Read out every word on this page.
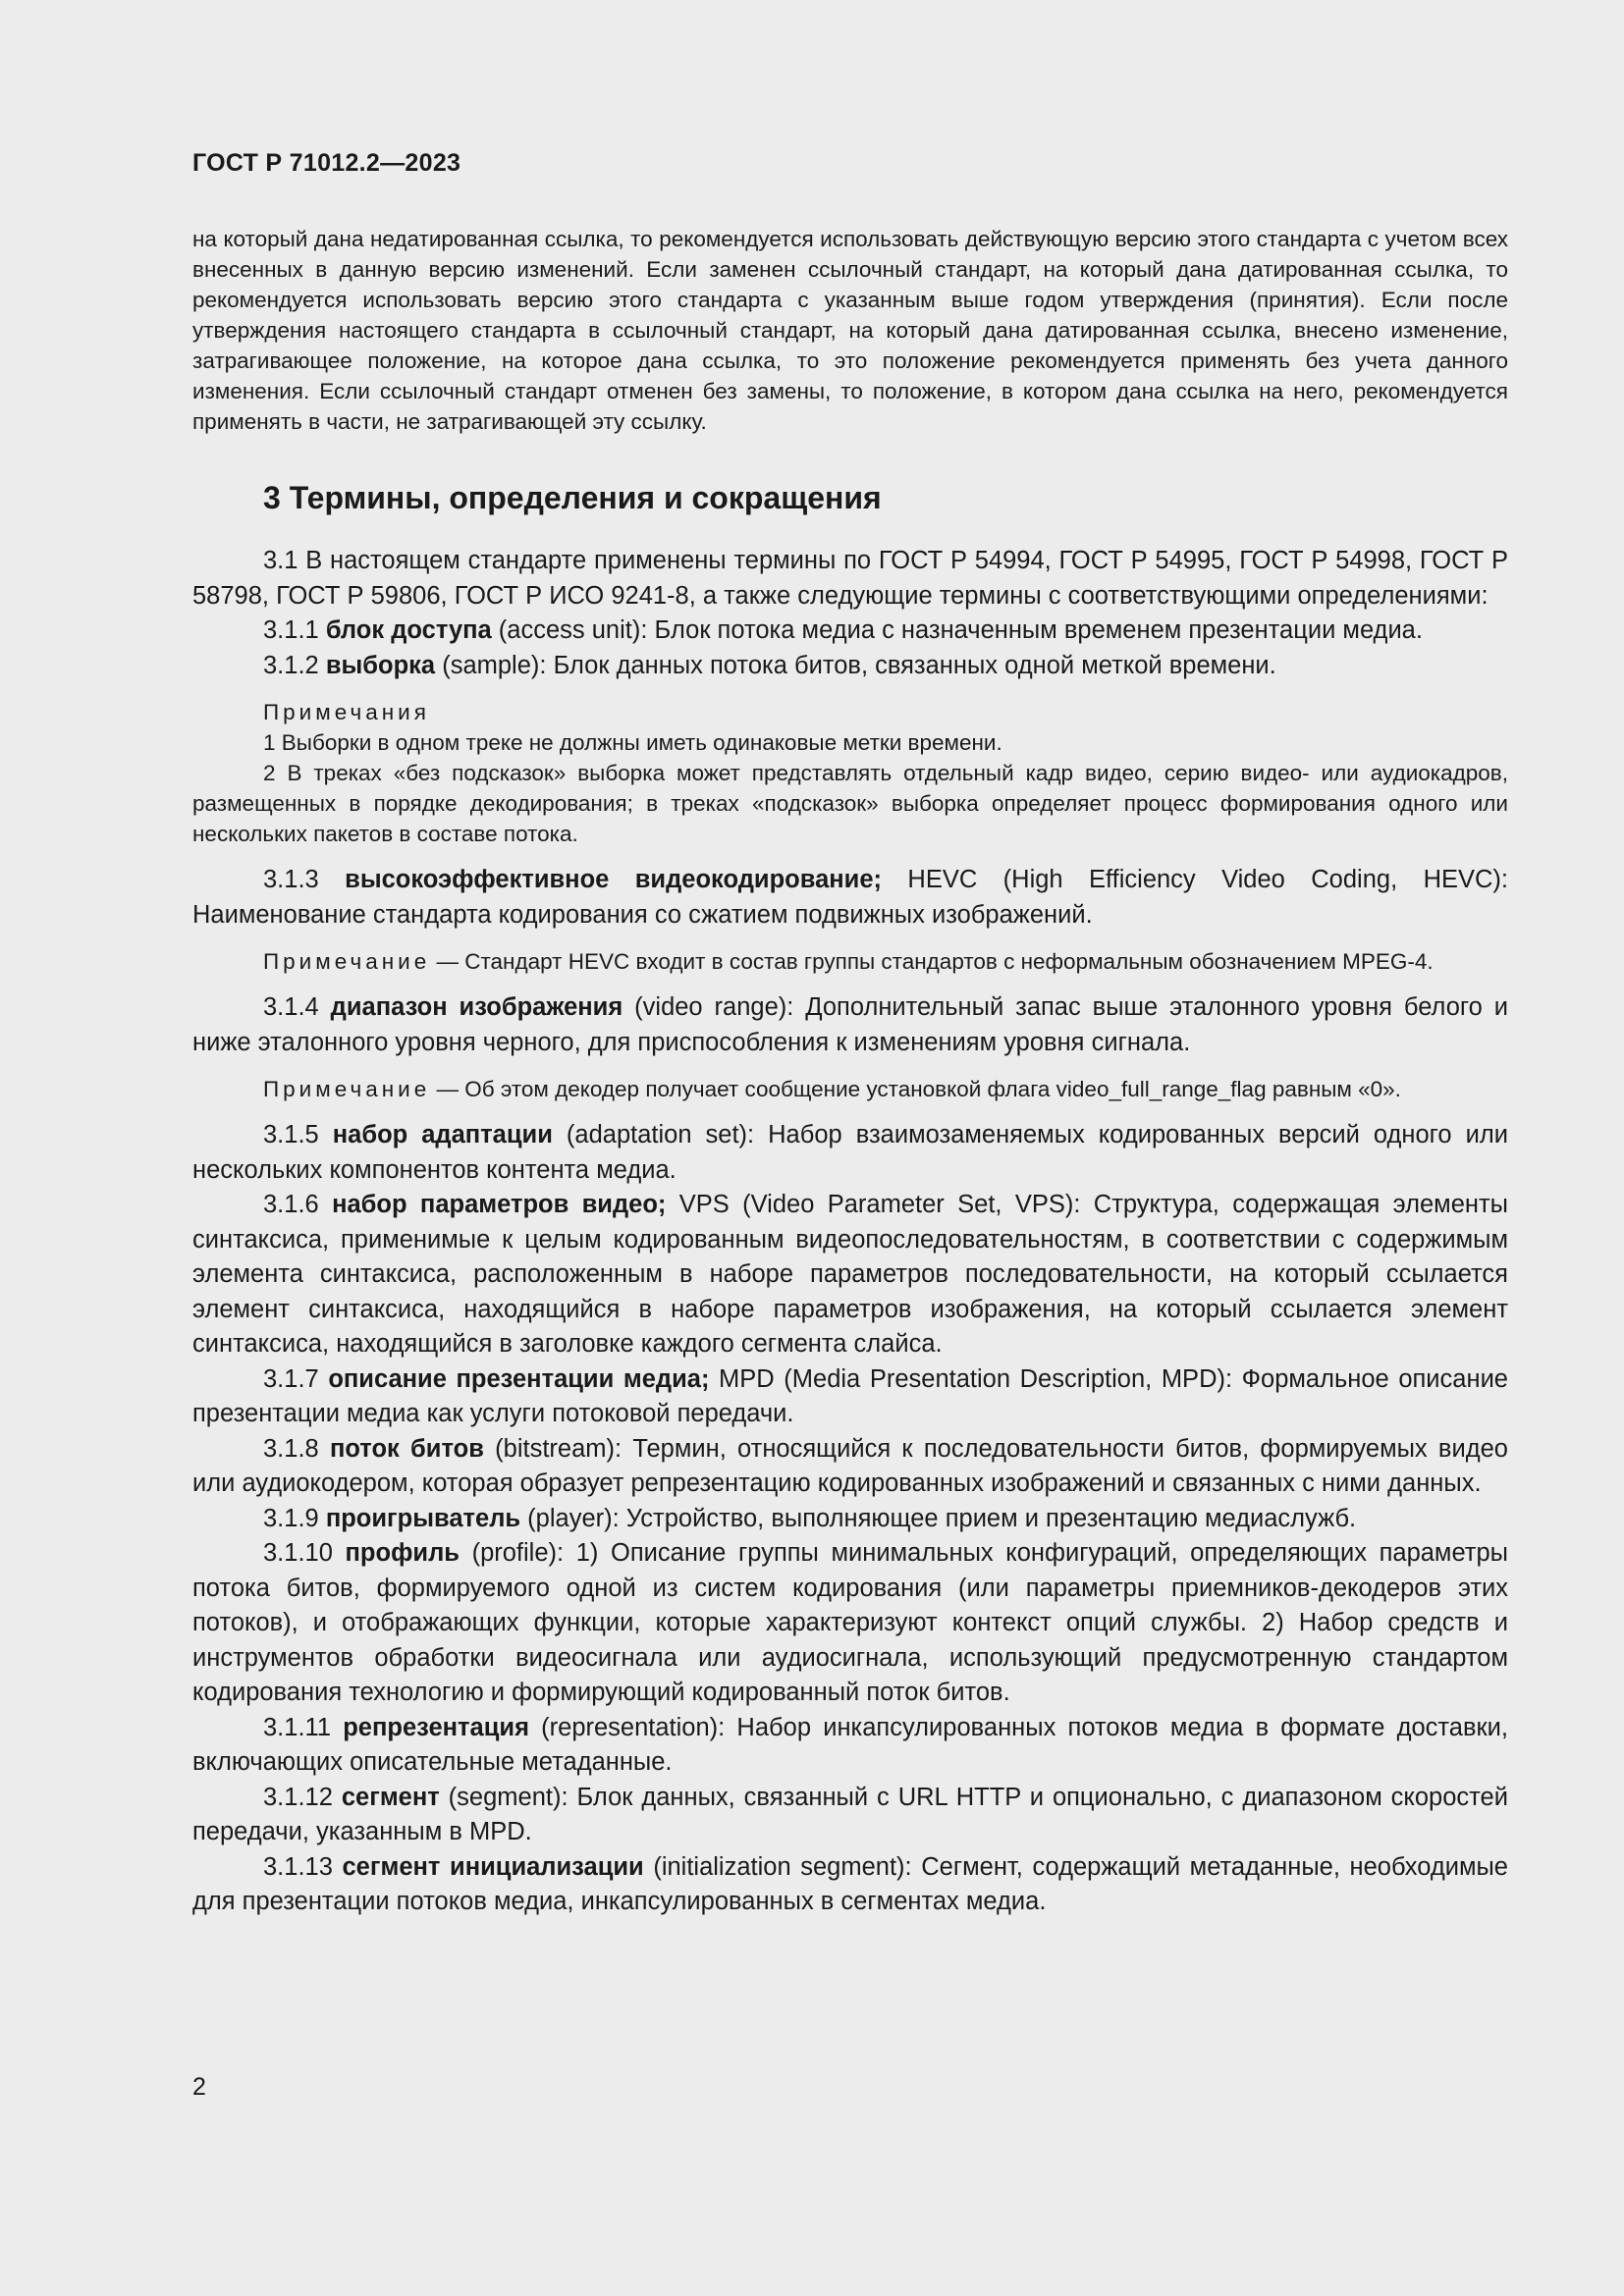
ГОСТ Р 71012.2—2023

на который дана недатированная ссылка, то рекомендуется использовать действующую версию этого стандарта с учетом всех внесенных в данную версию изменений. Если заменен ссылочный стандарт, на который дана датированная ссылка, то рекомендуется использовать версию этого стандарта с указанным выше годом утверждения (принятия). Если после утверждения настоящего стандарта в ссылочный стандарт, на который дана датированная ссылка, внесено изменение, затрагивающее положение, на которое дана ссылка, то это положение рекомендуется применять без учета данного изменения. Если ссылочный стандарт отменен без замены, то положение, в котором дана ссылка на него, рекомендуется применять в части, не затрагивающей эту ссылку.

3 Термины, определения и сокращения

3.1 В настоящем стандарте применены термины по ГОСТ Р 54994, ГОСТ Р 54995, ГОСТ Р 54998, ГОСТ Р 58798, ГОСТ Р 59806, ГОСТ Р ИСО 9241-8, а также следующие термины с соответствующими определениями:

3.1.1 блок доступа (access unit): Блок потока медиа с назначенным временем презентации медиа.

3.1.2 выборка (sample): Блок данных потока битов, связанных одной меткой времени.

Примечания

1 Выборки в одном треке не должны иметь одинаковые метки времени.

2 В треках «без подсказок» выборка может представлять отдельный кадр видео, серию видео- или аудиокадров, размещенных в порядке декодирования; в треках «подсказок» выборка определяет процесс формирования одного или нескольких пакетов в составе потока.

3.1.3 высокоэффективное видеокодирование; HEVC (High Efficiency Video Coding, HEVC): Наименование стандарта кодирования со сжатием подвижных изображений.

Примечание — Стандарт HEVC входит в состав группы стандартов с неформальным обозначением MPEG-4.

3.1.4 диапазон изображения (video range): Дополнительный запас выше эталонного уровня белого и ниже эталонного уровня черного, для приспособления к изменениям уровня сигнала.

Примечание — Об этом декодер получает сообщение установкой флага video_full_range_flag равным «0».

3.1.5 набор адаптации (adaptation set): Набор взаимозаменяемых кодированных версий одного или нескольких компонентов контента медиа.

3.1.6 набор параметров видео; VPS (Video Parameter Set, VPS): Структура, содержащая элементы синтаксиса, применимые к целым кодированным видеопоследовательностям, в соответствии с содержимым элемента синтаксиса, расположенным в наборе параметров последовательности, на который ссылается элемент синтаксиса, находящийся в наборе параметров изображения, на который ссылается элемент синтаксиса, находящийся в заголовке каждого сегмента слайса.

3.1.7 описание презентации медиа; MPD (Media Presentation Description, MPD): Формальное описание презентации медиа как услуги потоковой передачи.

3.1.8 поток битов (bitstream): Термин, относящийся к последовательности битов, формируемых видео или аудиокодером, которая образует репрезентацию кодированных изображений и связанных с ними данных.

3.1.9 проигрыватель (player): Устройство, выполняющее прием и презентацию медиаслужб.

3.1.10 профиль (profile): 1) Описание группы минимальных конфигураций, определяющих параметры потока битов, формируемого одной из систем кодирования (или параметры приемников-декодеров этих потоков), и отображающих функции, которые характеризуют контекст опций службы. 2) Набор средств и инструментов обработки видеосигнала или аудиосигнала, использующий предусмотренную стандартом кодирования технологию и формирующий кодированный поток битов.

3.1.11 репрезентация (representation): Набор инкапсулированных потоков медиа в формате доставки, включающих описательные метаданные.

3.1.12 сегмент (segment): Блок данных, связанный с URL HTTP и опционально, с диапазоном скоростей передачи, указанным в MPD.

3.1.13 сегмент инициализации (initialization segment): Сегмент, содержащий метаданные, необходимые для презентации потоков медиа, инкапсулированных в сегментах медиа.

2
